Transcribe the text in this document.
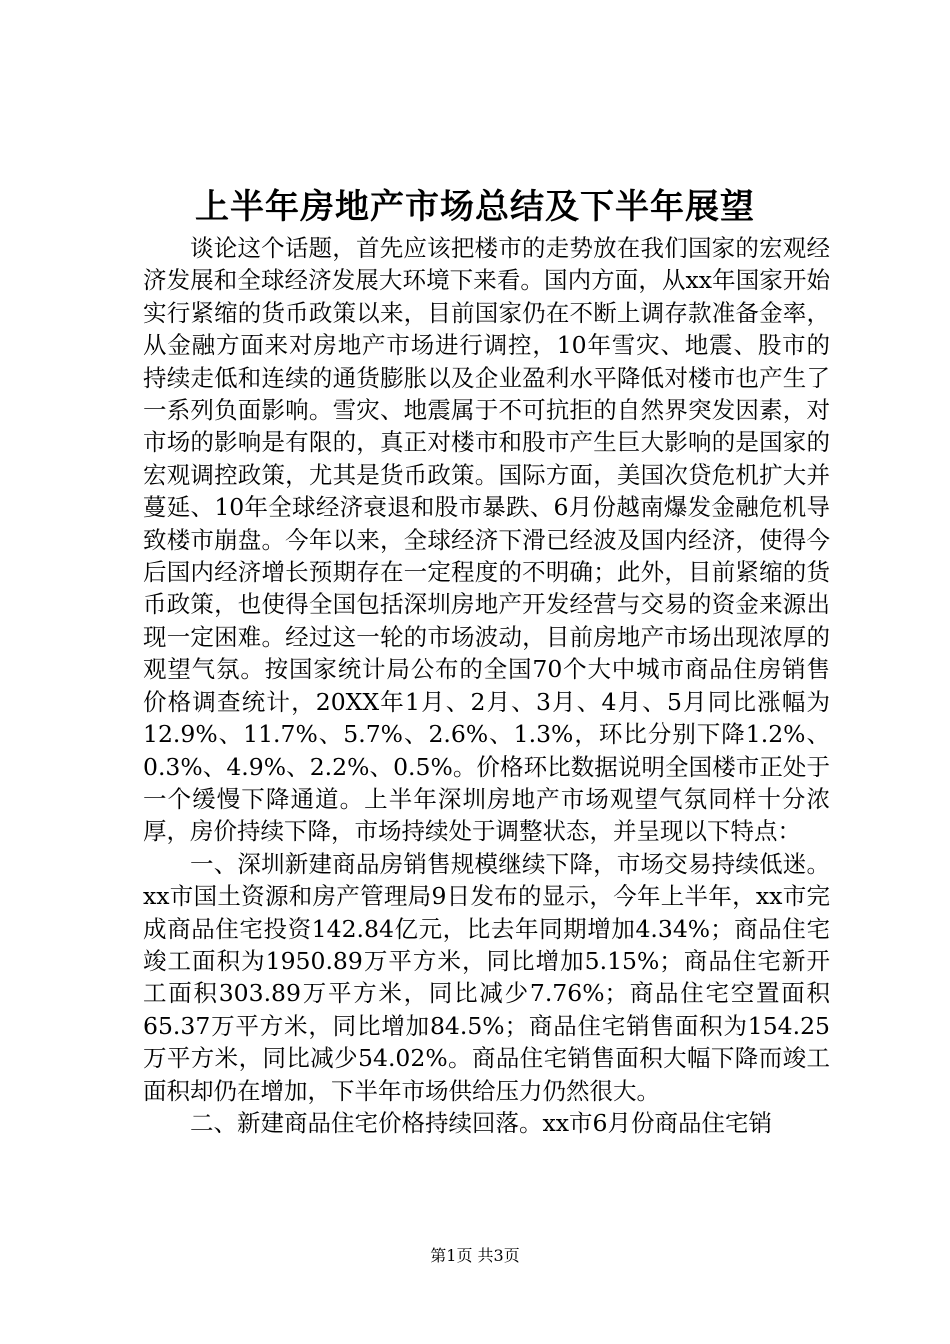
上半年房地产市场总结及下半年展望

谈论这个话题，首先应该把楼市的走势放在我们国家的宏观经济发展和全球经济发展大环境下来看。国内方面，从xx年国家开始实行紧缩的货币政策以来，目前国家仍在不断上调存款准备金率，从金融方面来对房地产市场进行调控，10年雪灾、地震、股市的持续走低和连续的通货膨胀以及企业盈利水平降低对楼市也产生了一系列负面影响。雪灾、地震属于不可抗拒的自然界突发因素，对市场的影响是有限的，真正对楼市和股市产生巨大影响的是国家的宏观调控政策，尤其是货币政策。国际方面，美国次贷危机扩大并蔓延、10年全球经济衰退和股市暴跌、6月份越南爆发金融危机导致楼市崩盘。今年以来，全球经济下滑已经波及国内经济，使得今后国内经济增长预期存在一定程度的不明确；此外，目前紧缩的货币政策，也使得全国包括深圳房地产开发经营与交易的资金来源出现一定困难。经过这一轮的市场波动，目前房地产市场出现浓厚的观望气氛。按国家统计局公布的全国70个大中城市商品住房销售价格调查统计，20XX年1月、2月、3月、4月、5月同比涨幅为12.9%、11.7%、5.7%、2.6%、1.3%，环比分别下降1.2%、0.3%、4.9%、2.2%、0.5%。价格环比数据说明全国楼市正处于一个缓慢下降通道。上半年深圳房地产市场观望气氛同样十分浓厚，房价持续下降，市场持续处于调整状态，并呈现以下特点：

一、深圳新建商品房销售规模继续下降，市场交易持续低迷。xx市国土资源和房产管理局9日发布的显示，今年上半年，xx市完成商品住宅投资142.84亿元，比去年同期增加4.34%；商品住宅竣工面积为1950.89万平方米，同比增加5.15%；商品住宅新开工面积303.89万平方米，同比减少7.76%；商品住宅空置面积65.37万平方米，同比增加84.5%；商品住宅销售面积为154.25万平方米，同比减少54.02%。商品住宅销售面积大幅下降而竣工面积却仍在增加，下半年市场供给压力仍然很大。

二、新建商品住宅价格持续回落。xx市6月份商品住宅销

第1页 共3页
